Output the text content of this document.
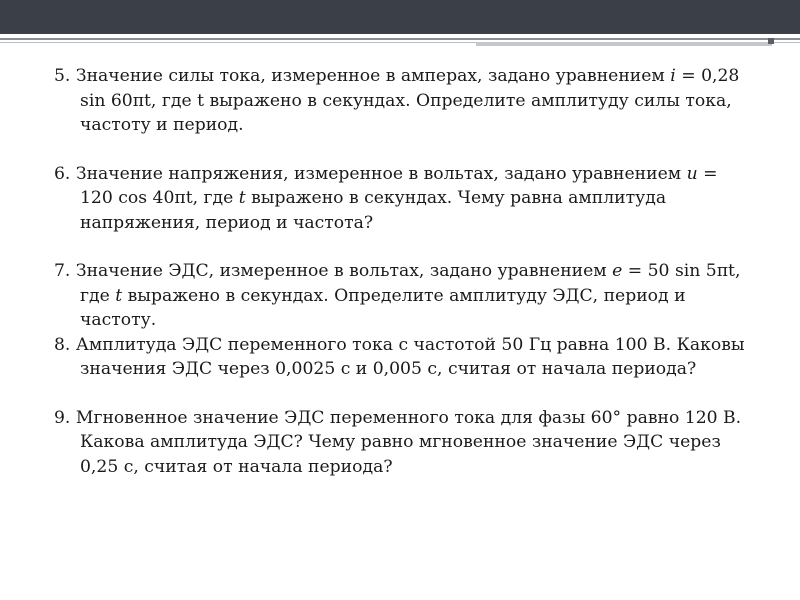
5. Значение силы тока, измеренное в амперах, задано уравнением i = 0,28 sin 60πt, где t выражено в секундах. Определите амплитуду силы тока, частоту и период.

6. Значение напряжения, измеренное в вольтах, задано уравнением u = 120 cos 40πt, где t выражено в секундах. Чему равна амплитуда напряжения, период и частота?

7. Значение ЭДС, измеренное в вольтах, задано уравнением e = 50 sin 5πt, где t выражено в секундах. Определите амплитуду ЭДС, период и частоту.

8. Амплитуда ЭДС переменного тока с частотой 50 Гц равна 100 В. Каковы значения ЭДС через 0,0025 с и 0,005 с, считая от начала периода?

9. Мгновенное значение ЭДС переменного тока для фазы 60° равно 120 В. Какова амплитуда ЭДС? Чему равно мгновенное значение ЭДС через 0,25 с, считая от начала периода?
